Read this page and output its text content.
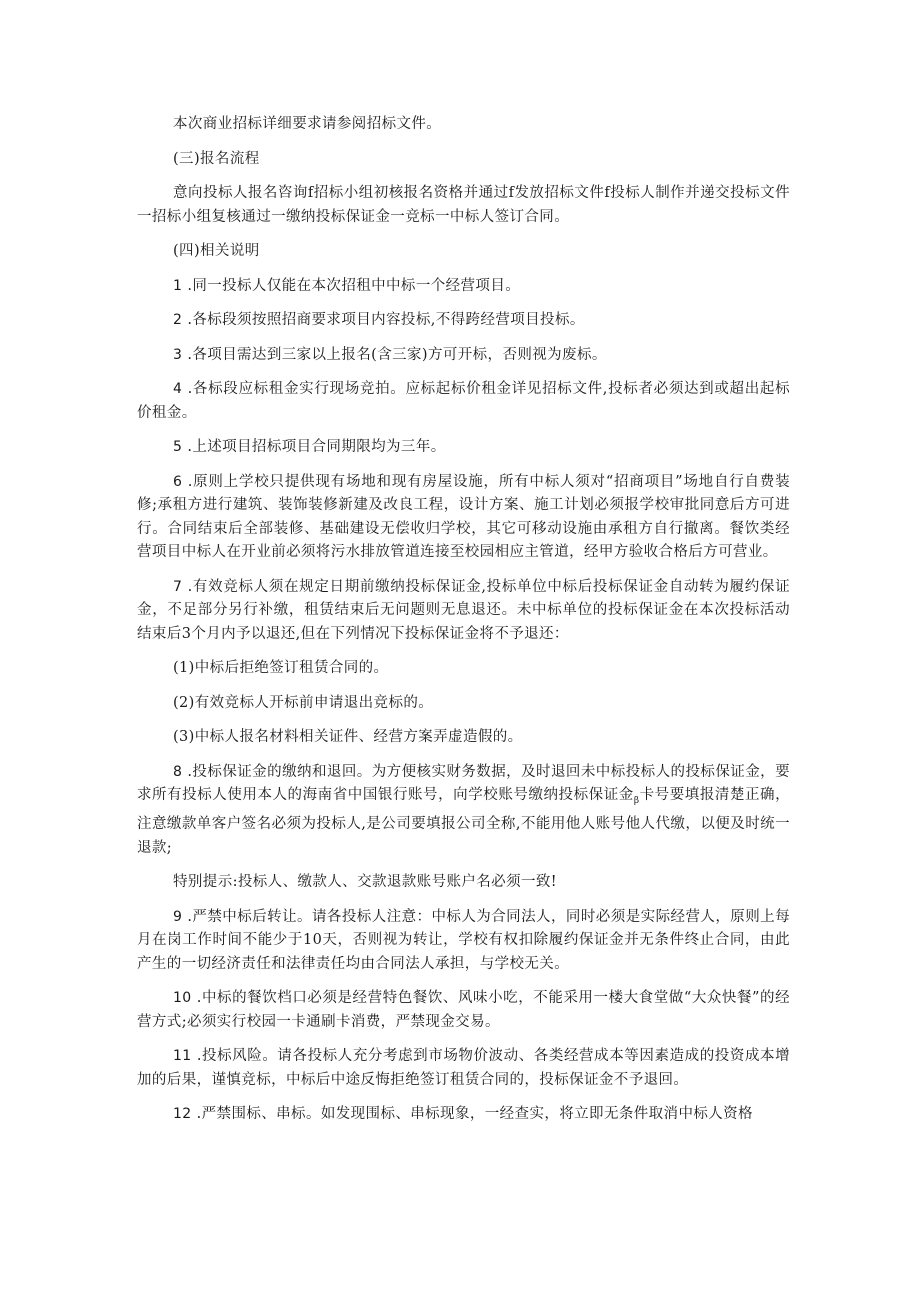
本次商业招标详细要求请参阅招标文件。

(三)报名流程

意向投标人报名咨询f招标小组初核报名资格并通过f发放招标文件f投标人制作并递交投标文件一招标小组复核通过一缴纳投标保证金一竞标一中标人签订合同。

(四)相关说明

1 .同一投标人仅能在本次招租中中标一个经营项目。

2 .各标段须按照招商要求项目内容投标,不得跨经营项目投标。

3 .各项目需达到三家以上报名(含三家)方可开标，否则视为废标。

4 .各标段应标租金实行现场竞拍。应标起标价租金详见招标文件,投标者必须达到或超出起标价租金。

5 .上述项目招标项目合同期限均为三年。

6 .原则上学校只提供现有场地和现有房屋设施，所有中标人须对“招商项目”场地自行自费装修;承租方进行建筑、装饰装修新建及改良工程，设计方案、施工计划必须报学校审批同意后方可进行。合同结束后全部装修、基础建设无偿收归学校，其它可移动设施由承租方自行撤离。餐饮类经营项目中标人在开业前必须将污水排放管道连接至校园相应主管道，经甲方验收合格后方可营业。

7 .有效竞标人须在规定日期前缴纳投标保证金,投标单位中标后投标保证金自动转为履约保证金，不足部分另行补缴，租赁结束后无问题则无息退还。未中标单位的投标保证金在本次投标活动结束后3个月内予以退还,但在下列情况下投标保证金将不予退还：

(1)中标后拒绝签订租赁合同的。

(2)有效竞标人开标前申请退出竞标的。

(3)中标人报名材料相关证件、经营方案弄虚造假的。

8 .投标保证金的缴纳和退回。为方便核实财务数据，及时退回未中标投标人的投标保证金，要求所有投标人使用本人的海南省中国银行账号，向学校账号缴纳投标保证金$_\beta$卡号要填报清楚正确，注意缴款单客户签名必须为投标人,是公司要填报公司全称,不能用他人账号他人代缴，以便及时统一退款;

特别提示:投标人、缴款人、交款退款账号账户名必须一致!

9 .严禁中标后转让。请各投标人注意：中标人为合同法人，同时必须是实际经营人，原则上每月在岗工作时间不能少于10天，否则视为转让，学校有权扣除履约保证金并无条件终止合同，由此产生的一切经济责任和法律责任均由合同法人承担，与学校无关。

10 .中标的餐饮档口必须是经营特色餐饮、风味小吃，不能采用一楼大食堂做“大众快餐”的经营方式;必须实行校园一卡通刷卡消费，严禁现金交易。

11 .投标风险。请各投标人充分考虑到市场物价波动、各类经营成本等因素造成的投资成本增加的后果，谨慎竞标，中标后中途反悔拒绝签订租赁合同的，投标保证金不予退回。

12 .严禁围标、串标。如发现围标、串标现象，一经查实，将立即无条件取消中标人资格
